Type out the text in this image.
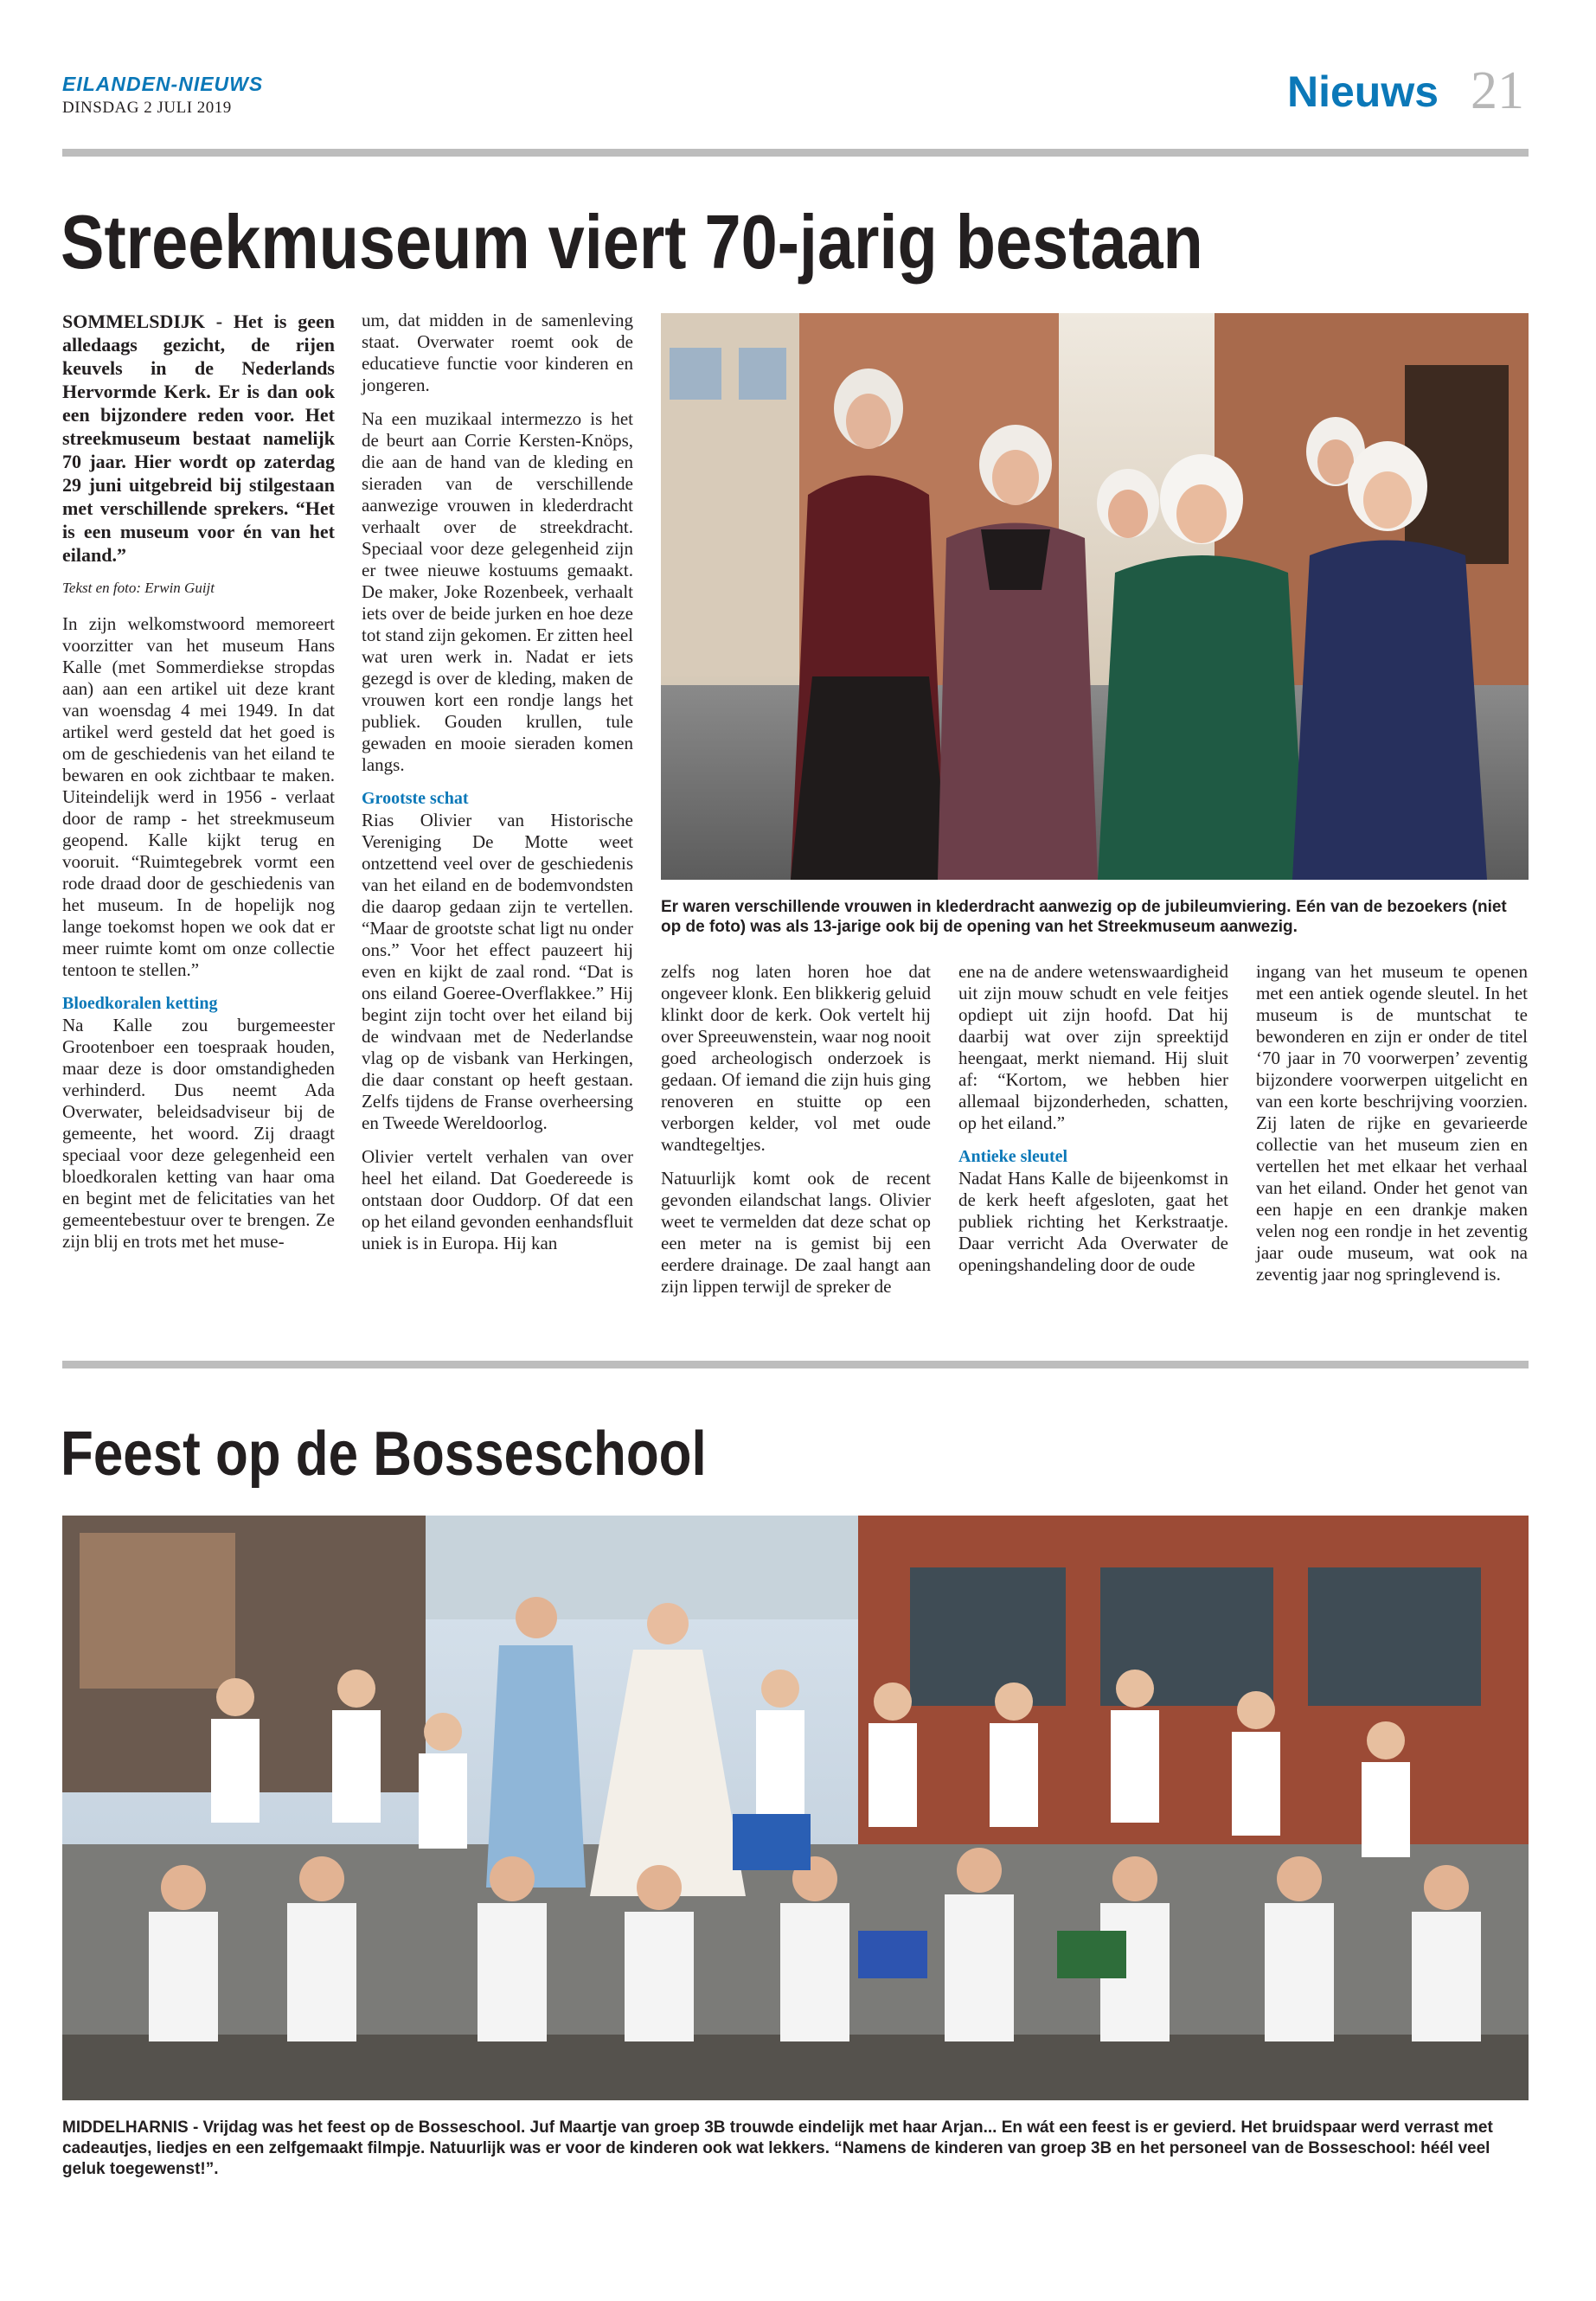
EILANDEN-NIEUWS
DINSDAG 2 JULI 2019	Nieuws 21
Streekmuseum viert 70-jarig bestaan

SOMMELSDIJK - Het is geen alledaags gezicht, de rijen keuvels in de Nederlands Hervormde Kerk. Er is dan ook een bijzondere reden voor. Het streekmuseum bestaat namelijk 70 jaar. Hier wordt op zaterdag 29 juni uitgebreid bij stilgestaan met verschillende sprekers. “Het is een museum voor én van het eiland.”

Tekst en foto: Erwin Guijt

In zijn welkomstwoord memoreert voorzitter van het museum Hans Kalle (met Sommerdiekse stropdas aan) aan een artikel uit deze krant van woensdag 4 mei 1949. In dat artikel werd gesteld dat het goed is om de geschiedenis van het eiland te bewaren en ook zichtbaar te maken. Uiteindelijk werd in 1956 - verlaat door de ramp - het streekmuseum geopend. Kalle kijkt terug en vooruit. “Ruimtegebrek vormt een rode draad door de geschiedenis van het museum. In de hopelijk nog lange toekomst hopen we ook dat er meer ruimte komt om onze collectie tentoon te stellen.”

Bloedkoralen ketting

Na Kalle zou burgemeester Grootenboer een toespraak houden, maar deze is door omstandigheden verhinderd. Dus neemt Ada Overwater, beleidsadviseur bij de gemeente, het woord. Zij draagt speciaal voor deze gelegenheid een bloedkoralen ketting van haar oma en begint met de felicitaties van het gemeentebestuur over te brengen. Ze zijn blij en trots met het muse-

um, dat midden in de samenleving staat. Overwater roemt ook de educatieve functie voor kinderen en jongeren.

Na een muzikaal intermezzo is het de beurt aan Corrie Kersten-Knöps, die aan de hand van de kleding en sieraden van de verschillende aanwezige vrouwen in klederdracht verhaalt over de streekdracht. Speciaal voor deze gelegenheid zijn er twee nieuwe kostuums gemaakt. De maker, Joke Rozenbeek, verhaalt iets over de beide jurken en hoe deze tot stand zijn gekomen. Er zitten heel wat uren werk in. Nadat er iets gezegd is over de kleding, maken de vrouwen kort een rondje langs het publiek. Gouden krullen, tule gewaden en mooie sieraden komen langs.

Grootste schat

Rias Olivier van Historische Vereniging De Motte weet ontzettend veel over de geschiedenis van het eiland en de bodemvondsten die daarop gedaan zijn te vertellen. “Maar de grootste schat ligt nu onder ons.” Voor het effect pauzeert hij even en kijkt de zaal rond. “Dat is ons eiland Goeree-Overflakkee.” Hij begint zijn tocht over het eiland bij de windvaan met de Nederlandse vlag op de visbank van Herkingen, die daar constant op heeft gestaan. Zelfs tijdens de Franse overheersing en Tweede Wereldoorlog.

Olivier vertelt verhalen van over heel het eiland. Dat Goedereede is ontstaan door Ouddorp. Of dat een op het eiland gevonden eenhandsfluit uniek is in Europa. Hij kan

Er waren verschillende vrouwen in klederdracht aanwezig op de jubileumviering. Eén van de bezoekers (niet op de foto) was als 13-jarige ook bij de opening van het Streekmuseum aanwezig.

zelfs nog laten horen hoe dat ongeveer klonk. Een blikkerig geluid klinkt door de kerk. Ook vertelt hij over Spreeuwenstein, waar nog nooit goed archeologisch onderzoek is gedaan. Of iemand die zijn huis ging renoveren en stuitte op een verborgen kelder, vol met oude wandtegeltjes.

Natuurlijk komt ook de recent gevonden eilandschat langs. Olivier weet te vermelden dat deze schat op een meter na is gemist bij een eerdere drainage. De zaal hangt aan zijn lippen terwijl de spreker de

ene na de andere wetenswaardigheid uit zijn mouw schudt en vele feitjes opdiept uit zijn hoofd. Dat hij daarbij wat over zijn spreektijd heengaat, merkt niemand. Hij sluit af: “Kortom, we hebben hier allemaal bijzonderheden, schatten, op het eiland.”

Antieke sleutel

Nadat Hans Kalle de bijeenkomst in de kerk heeft afgesloten, gaat het publiek richting het Kerkstraatje. Daar verricht Ada Overwater de openingshandeling door de oude

ingang van het museum te openen met een antiek ogende sleutel. In het museum is de muntschat te bewonderen en zijn er onder de titel ‘70 jaar in 70 voorwerpen’ zeventig bijzondere voorwerpen uitgelicht en van een korte beschrijving voorzien. Zij laten de rijke en gevarieerde collectie van het museum zien en vertellen het met elkaar het verhaal van het eiland. Onder het genot van een hapje en een drankje maken velen nog een rondje in het zeventig jaar oude museum, wat ook na zeventig jaar nog springlevend is.

Feest op de Bosseschool
MIDDELHARNIS - Vrijdag was het feest op de Bosseschool. Juf Maartje van groep 3B trouwde eindelijk met haar Arjan... En wát een feest is er gevierd. Het bruidspaar werd verrast met cadeautjes, liedjes en een zelfgemaakt filmpje. Natuurlijk was er voor de kinderen ook wat lekkers. “Namens de kinderen van groep 3B en het personeel van de Bosseschool: héél veel geluk toegewenst!”.
